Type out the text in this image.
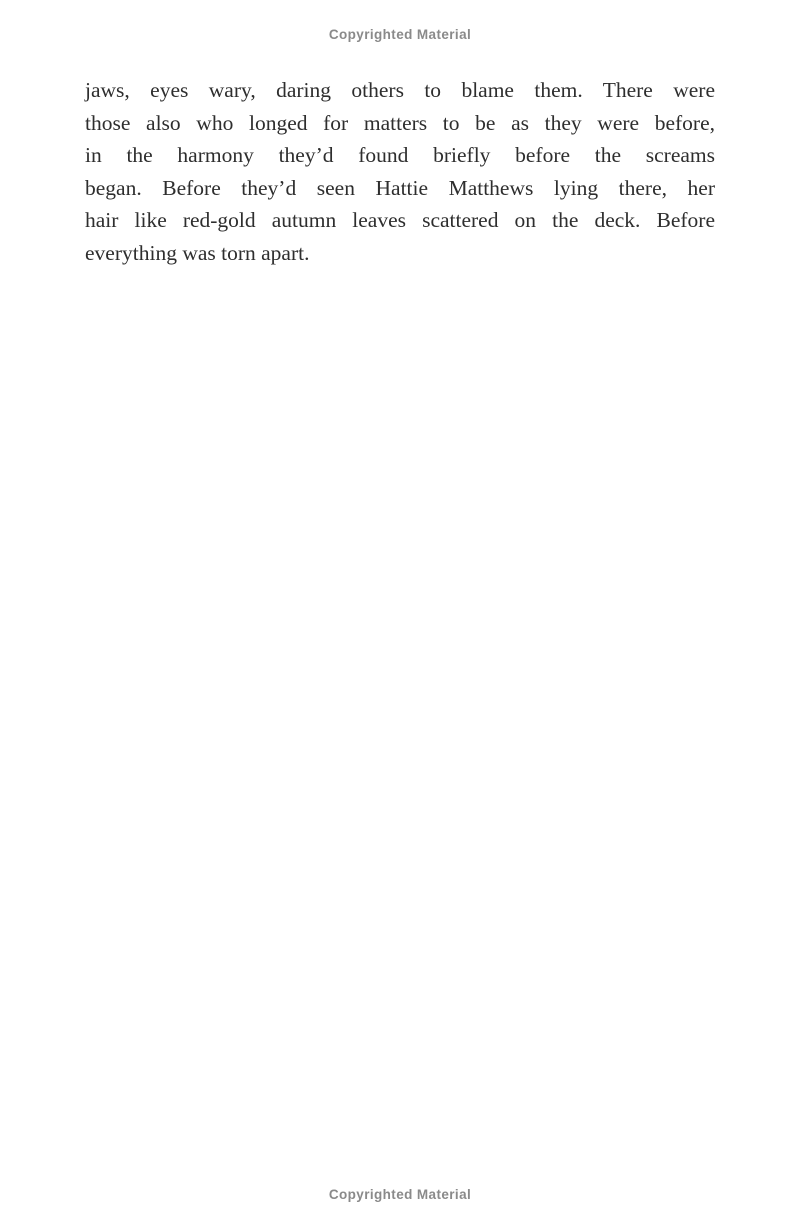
Copyrighted Material
jaws, eyes wary, daring others to blame them. There were
those also who longed for matters to be as they were before,
in the harmony they’d found briefly before the screams
began. Before they’d seen Hattie Matthews lying there, her
hair like red-gold autumn leaves scattered on the deck. Before
everything was torn apart.
Copyrighted Material
